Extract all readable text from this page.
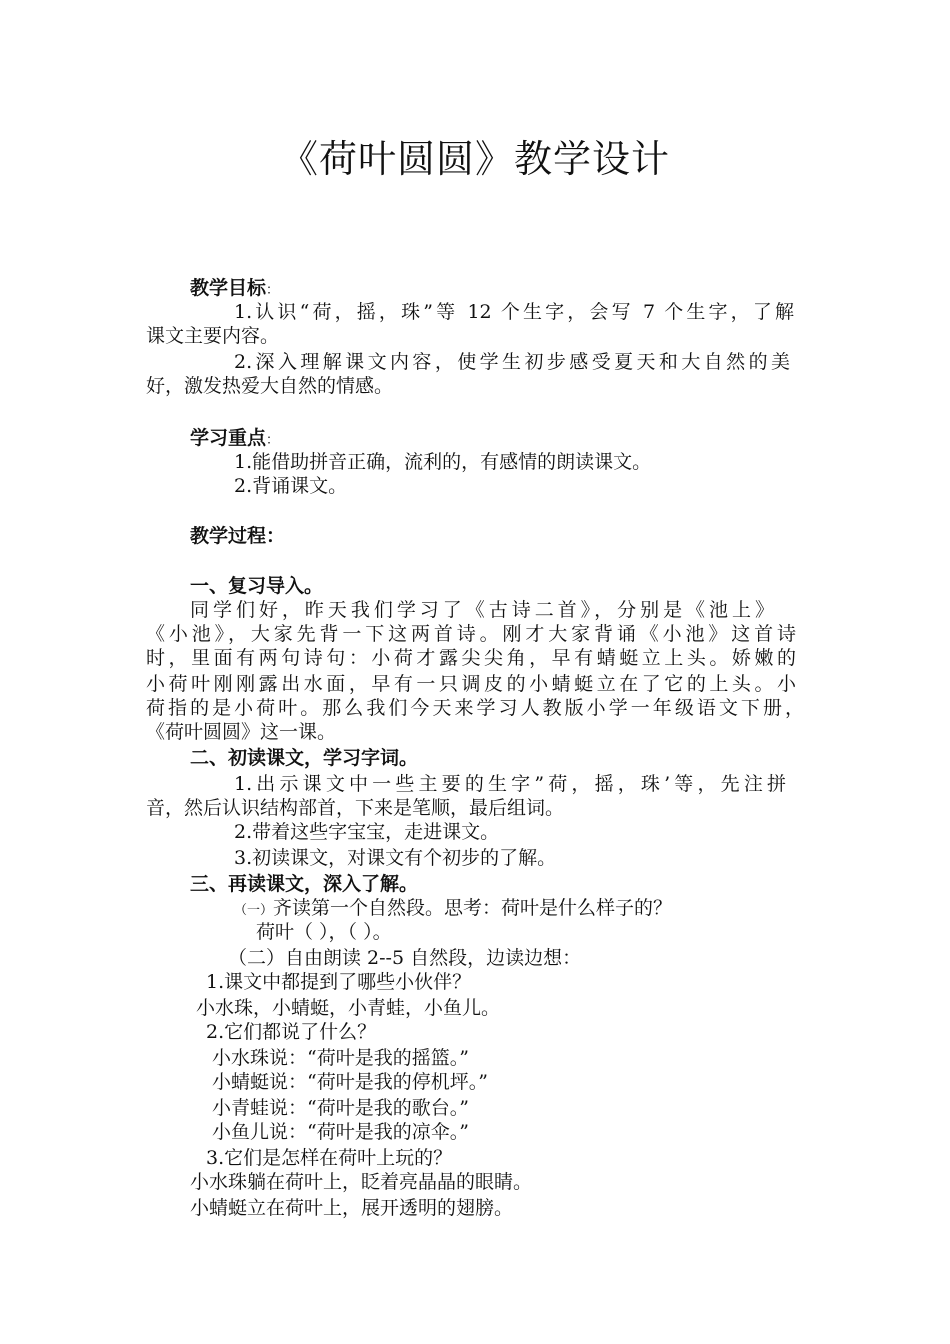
《荷叶圆圆》教学设计
教学目标：
1.认识“荷，摇，珠”等 12 个生字，会写 7 个生字，了解
课文主要内容。
2.深入理解课文内容，使学生初步感受夏天和大自然的美
好，激发热爱大自然的情感。
学习重点：
1.能借助拼音正确，流利的，有感情的朗读课文。
2.背诵课文。
教学过程：
一、复习导入。
同学们好，昨天我们学习了《古诗二首》，分别是《池上》
《小池》，大家先背一下这两首诗。刚才大家背诵《小池》这首诗
时，里面有两句诗句：小荷才露尖尖角，早有蜻蜓立上头。娇嫩的
小荷叶刚刚露出水面，早有一只调皮的小蜻蜓立在了它的上头。小
荷指的是小荷叶。那么我们今天来学习人教版小学一年级语文下册，
《荷叶圆圆》这一课。
二、初读课文，学习字词。
1.出示课文中一些主要的生字”荷，摇，珠’等，先注拼
音，然后认识结构部首，下来是笔顺，最后组词。
2.带着这些字宝宝，走进课文。
3.初读课文，对课文有个初步的了解。
三、再读课文，深入了解。
（一）齐读第一个自然段。思考：荷叶是什么样子的？
荷叶（ ），（ ）。
（二）自由朗读 2--5 自然段，边读边想：
1.课文中都提到了哪些小伙伴？
小水珠，小蜻蜓，小青蛙，小鱼儿。
2.它们都说了什么？
小水珠说：“荷叶是我的摇篮。”
小蜻蜓说：“荷叶是我的停机坪。”
小青蛙说：“荷叶是我的歌台。”
小鱼儿说：“荷叶是我的凉伞。”
3.它们是怎样在荷叶上玩的？
小水珠躺在荷叶上，眨着亮晶晶的眼睛。
小蜻蜓立在荷叶上，展开透明的翅膀。
